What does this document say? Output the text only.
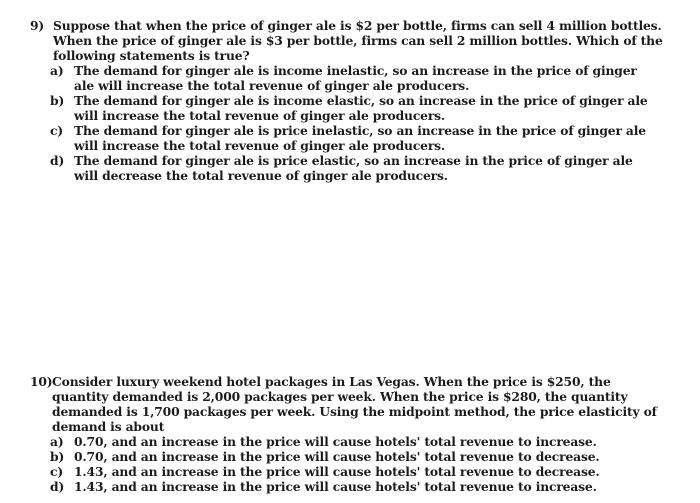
9) Suppose that when the price of ginger ale is $2 per bottle, firms can sell 4 million bottles. When the price of ginger ale is $3 per bottle, firms can sell 2 million bottles. Which of the following statements is true?
a) The demand for ginger ale is income inelastic, so an increase in the price of ginger ale will increase the total revenue of ginger ale producers.
b) The demand for ginger ale is income elastic, so an increase in the price of ginger ale will increase the total revenue of ginger ale producers.
c) The demand for ginger ale is price inelastic, so an increase in the price of ginger ale will increase the total revenue of ginger ale producers.
d) The demand for ginger ale is price elastic, so an increase in the price of ginger ale will decrease the total revenue of ginger ale producers.
10) Consider luxury weekend hotel packages in Las Vegas. When the price is $250, the quantity demanded is 2,000 packages per week. When the price is $280, the quantity demanded is 1,700 packages per week. Using the midpoint method, the price elasticity of demand is about
a) 0.70, and an increase in the price will cause hotels' total revenue to increase.
b) 0.70, and an increase in the price will cause hotels' total revenue to decrease.
c) 1.43, and an increase in the price will cause hotels' total revenue to decrease.
d) 1.43, and an increase in the price will cause hotels' total revenue to increase.
